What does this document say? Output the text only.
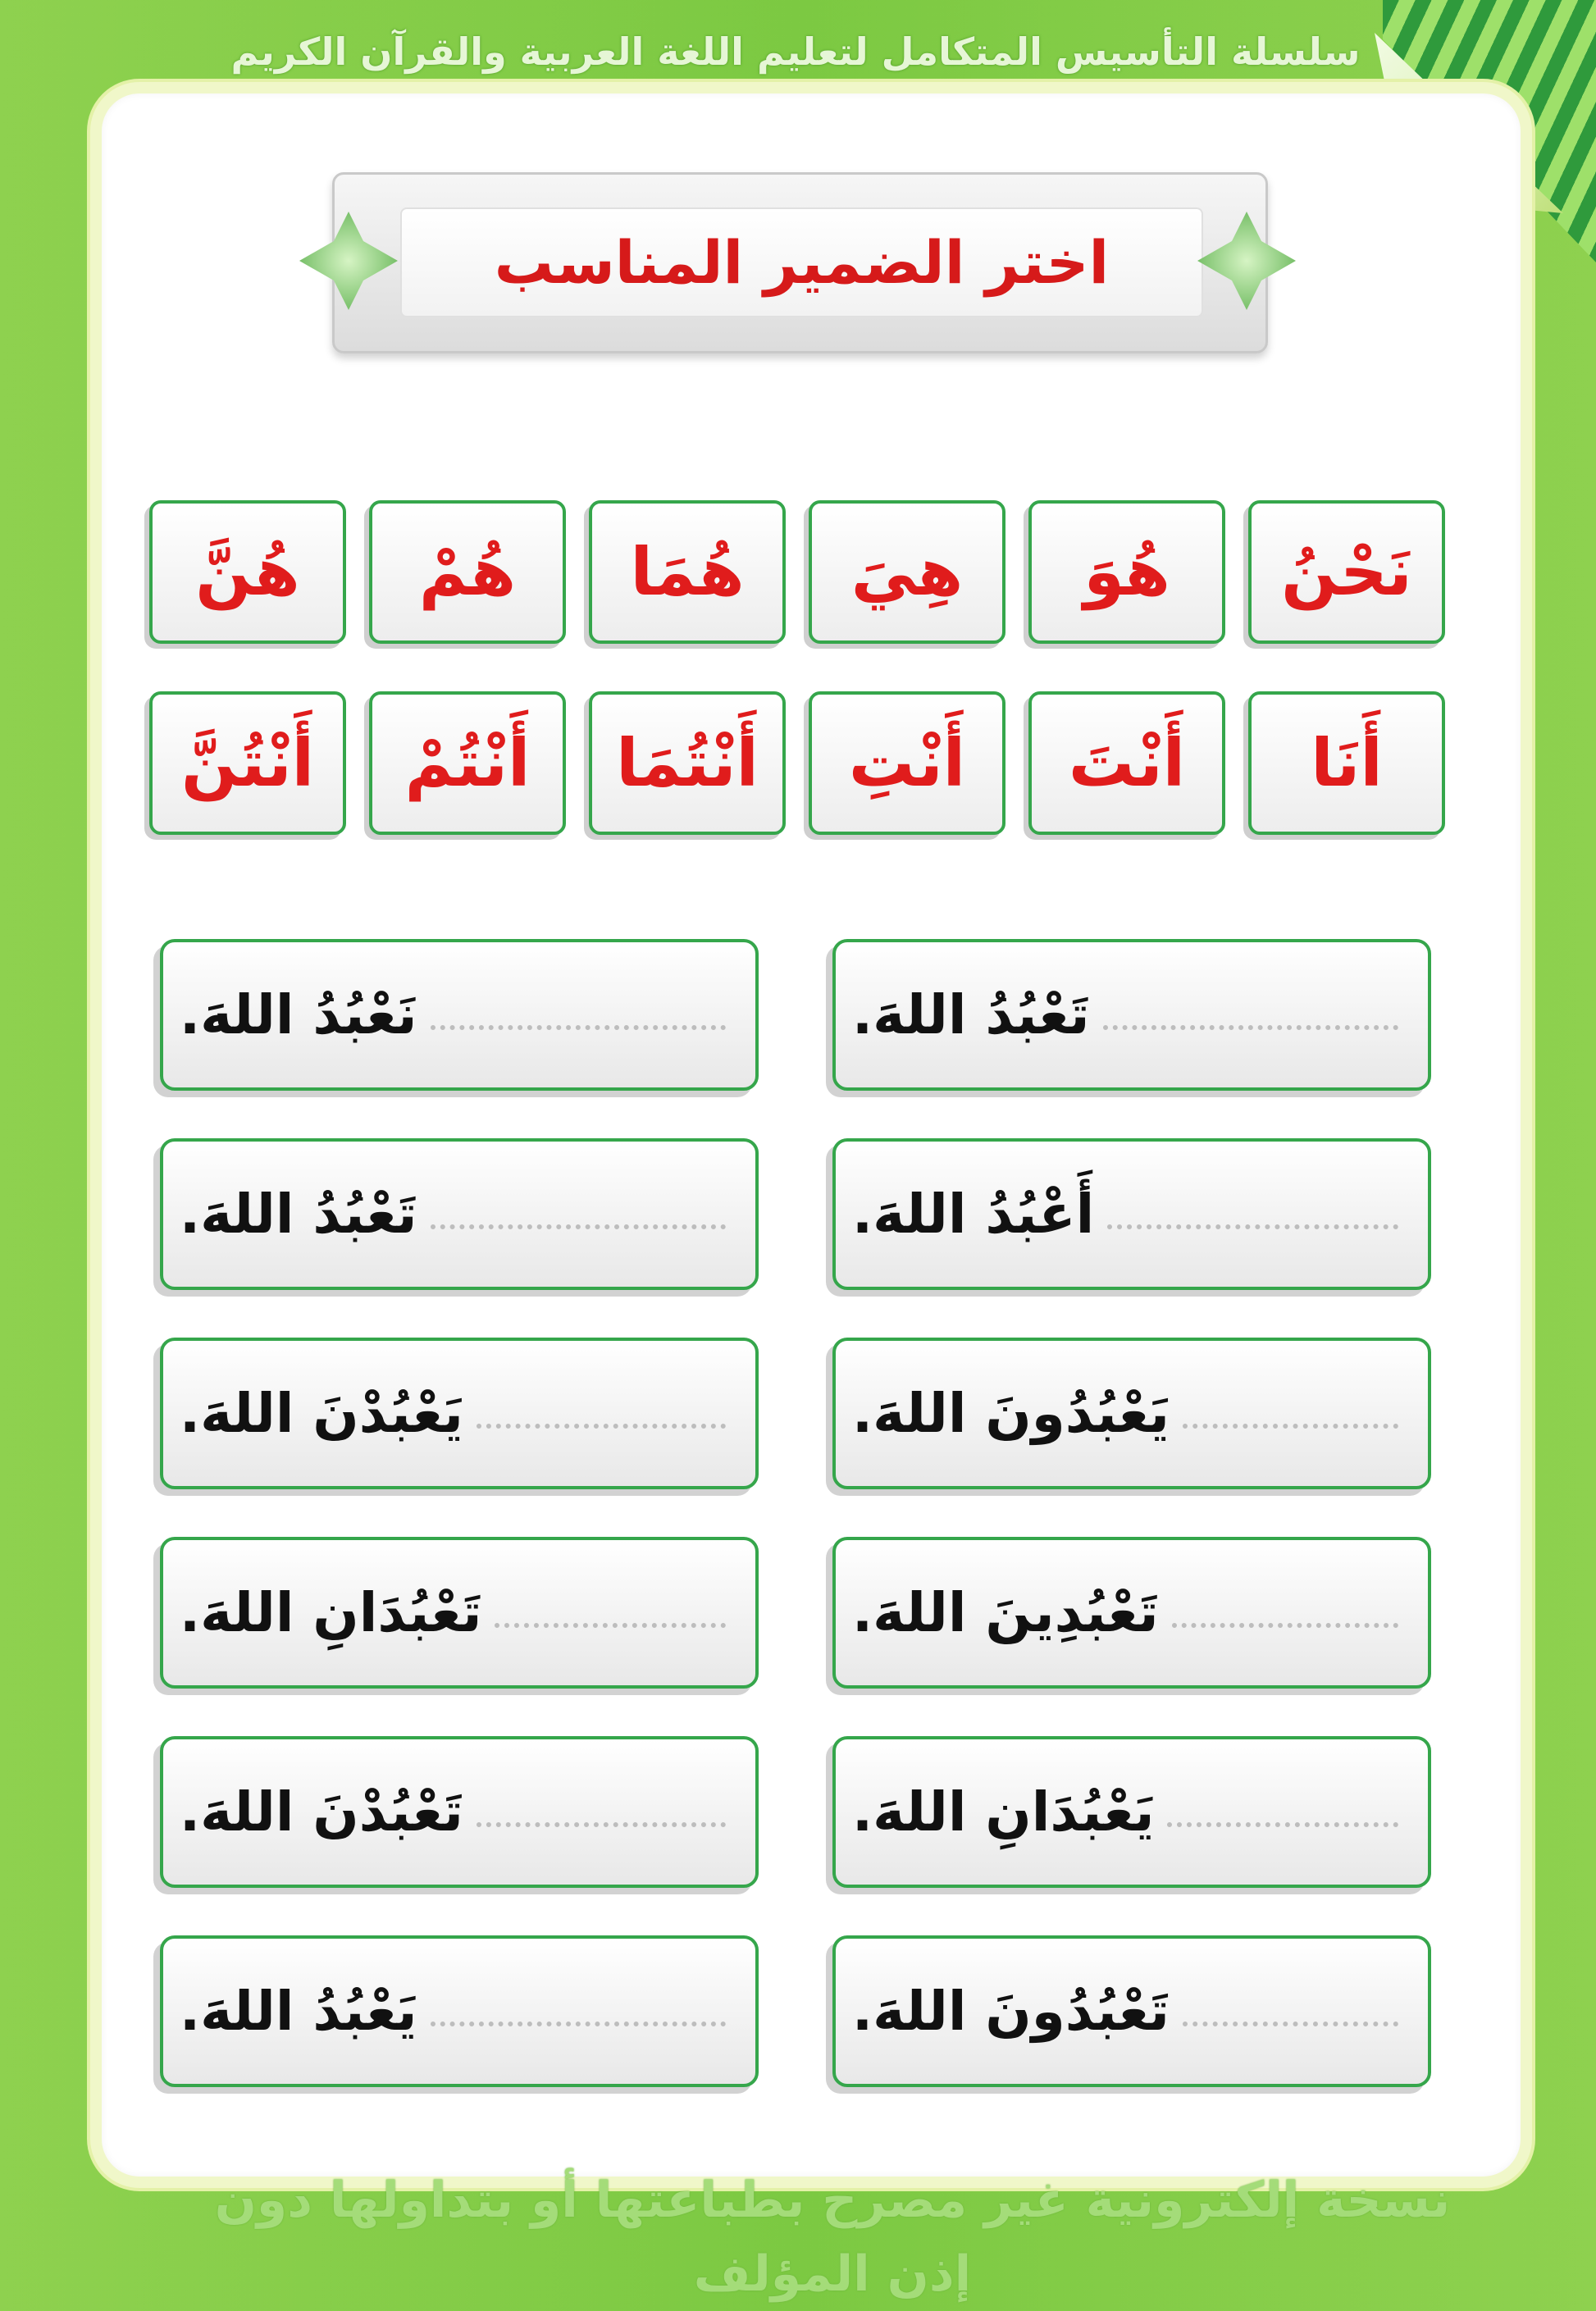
سلسلة التأسيس المتكامل لتعليم اللغة العربية والقرآن الكريم
اختر الضمير المناسب
نَحْنُ
هُوَ
هِيَ
هُمَا
هُمْ
هُنَّ
أَنَا
أَنْتَ
أَنْتِ
أَنْتُمَا
أَنْتُمْ
أَنْتُنَّ
تَعْبُدُ اللهَ.
نَعْبُدُ اللهَ.
أَعْبُدُ اللهَ.
تَعْبُدُ اللهَ.
يَعْبُدُونَ اللهَ.
يَعْبُدْنَ اللهَ.
تَعْبُدِينَ اللهَ.
تَعْبُدَانِ اللهَ.
يَعْبُدَانِ اللهَ.
تَعْبُدْنَ اللهَ.
تَعْبُدُونَ اللهَ.
يَعْبُدُ اللهَ.
نسخة إلكترونية غير مصرح بطباعتها أو بتداولها دون إذن المؤلف
